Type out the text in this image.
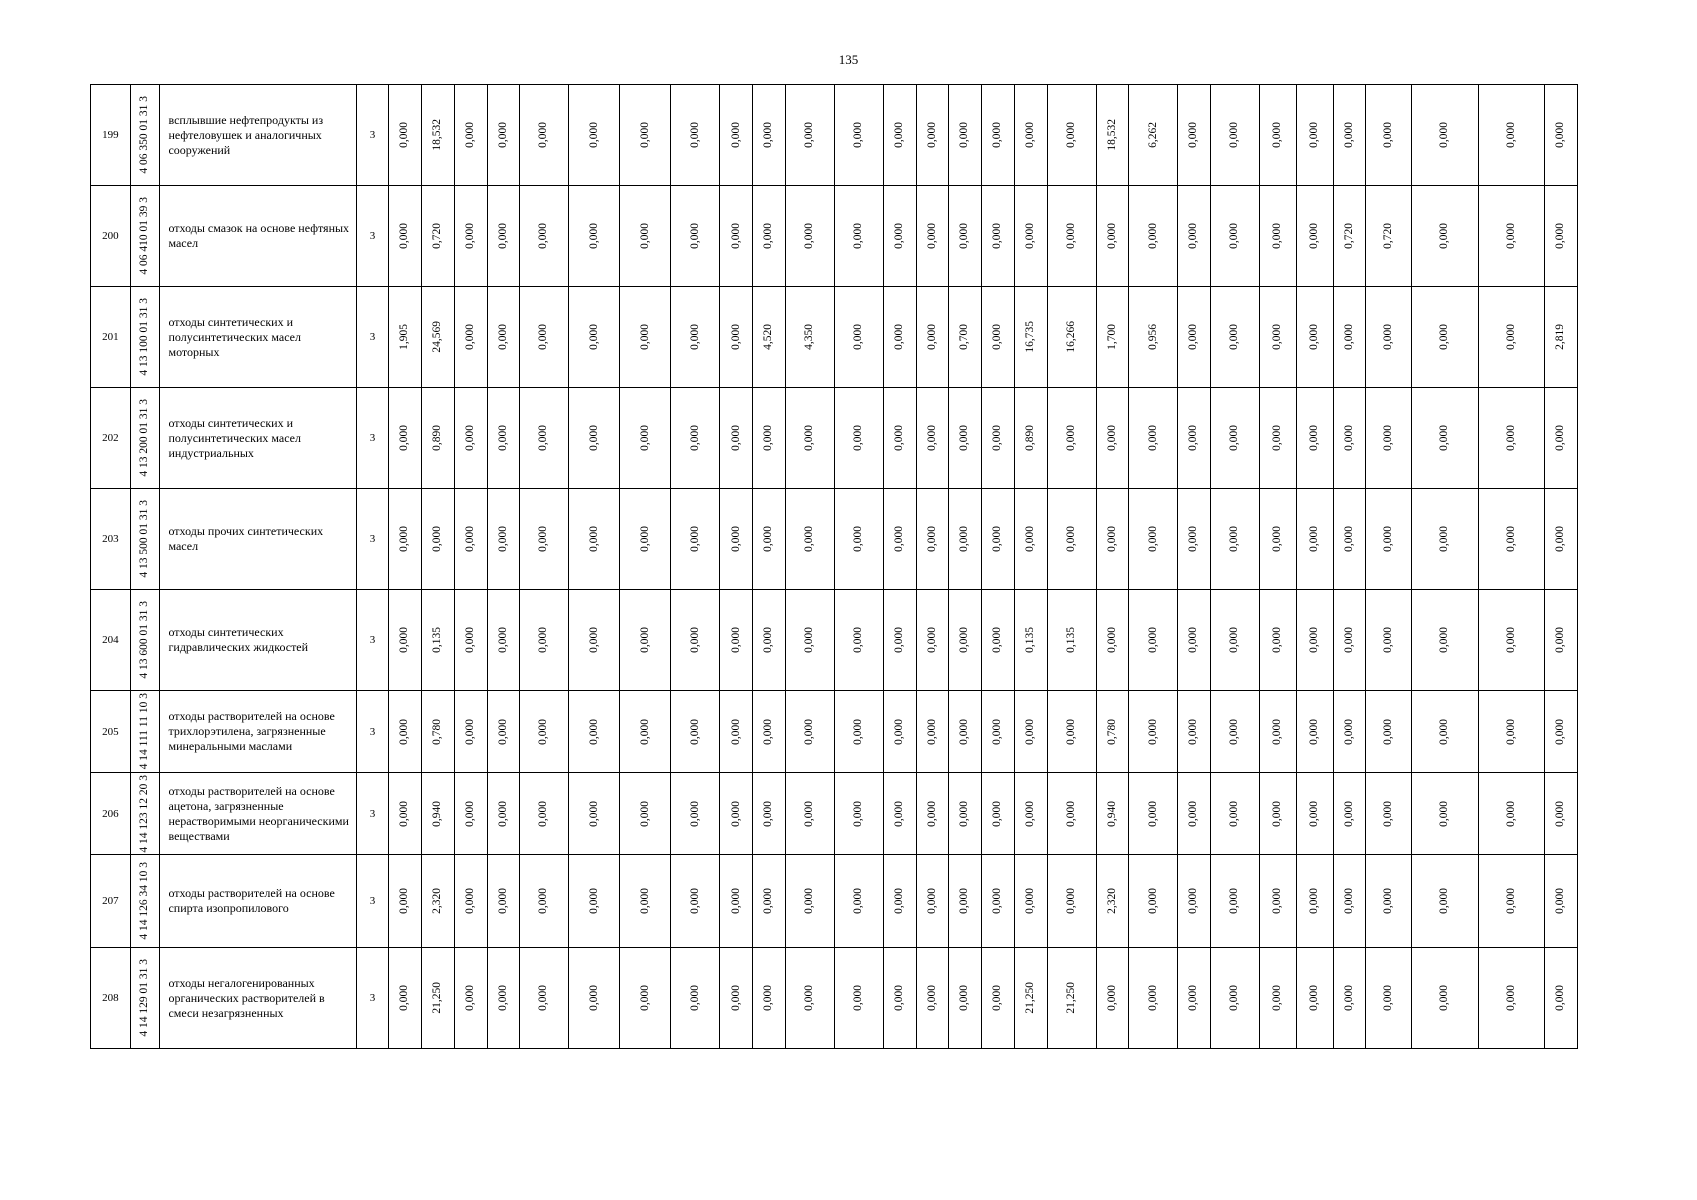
135
199	4 06 350 01 31 3	всплывшие нефтепродукты из нефтеловушек и аналогичных сооружений	3	0,000	18,532	0,000	0,000	0,000	0,000	0,000	0,000	0,000	0,000	0,000	0,000	0,000	0,000	0,000	0,000	0,000	0,000	18,532	6,262	0,000	0,000	0,000	0,000	0,000	0,000	0,000	0,000	0,000

200	4 06 410 01 39 3	отходы смазок на основе нефтяных масел	3	0,000	0,720	0,000	0,000	0,000	0,000	0,000	0,000	0,000	0,000	0,000	0,000	0,000	0,000	0,000	0,000	0,000	0,000	0,000	0,000	0,000	0,000	0,000	0,000	0,720	0,720	0,000	0,000	0,000

201	4 13 100 01 31 3	отходы синтетических и полусинтетических масел моторных	3	1,905	24,569	0,000	0,000	0,000	0,000	0,000	0,000	0,000	4,520	4,350	0,000	0,000	0,000	0,700	0,000	16,735	16,266	1,700	0,956	0,000	0,000	0,000	0,000	0,000	0,000	0,000	0,000	2,819

202	4 13 200 01 31 3	отходы синтетических и полусинтетических масел индустриальных	3	0,000	0,890	0,000	0,000	0,000	0,000	0,000	0,000	0,000	0,000	0,000	0,000	0,000	0,000	0,000	0,000	0,890	0,000	0,000	0,000	0,000	0,000	0,000	0,000	0,000	0,000	0,000	0,000	0,000

203	4 13 500 01 31 3	отходы прочих синтетических масел	3	0,000	0,000	0,000	0,000	0,000	0,000	0,000	0,000	0,000	0,000	0,000	0,000	0,000	0,000	0,000	0,000	0,000	0,000	0,000	0,000	0,000	0,000	0,000	0,000	0,000	0,000	0,000	0,000	0,000

204	4 13 600 01 31 3	отходы синтетических гидравлических жидкостей	3	0,000	0,135	0,000	0,000	0,000	0,000	0,000	0,000	0,000	0,000	0,000	0,000	0,000	0,000	0,000	0,000	0,135	0,135	0,000	0,000	0,000	0,000	0,000	0,000	0,000	0,000	0,000	0,000	0,000

205	4 14 111 11 10 3	отходы растворителей на основе трихлорэтилена, загрязненные минеральными маслами	3	0,000	0,780	0,000	0,000	0,000	0,000	0,000	0,000	0,000	0,000	0,000	0,000	0,000	0,000	0,000	0,000	0,000	0,000	0,780	0,000	0,000	0,000	0,000	0,000	0,000	0,000	0,000	0,000	0,000

206	4 14 123 12 20 3	отходы растворителей на основе ацетона, загрязненные нерастворимыми неорганическими веществами	3	0,000	0,940	0,000	0,000	0,000	0,000	0,000	0,000	0,000	0,000	0,000	0,000	0,000	0,000	0,000	0,000	0,000	0,000	0,940	0,000	0,000	0,000	0,000	0,000	0,000	0,000	0,000	0,000	0,000

207	4 14 126 34 10 3	отходы растворителей на основе спирта изопропилового	3	0,000	2,320	0,000	0,000	0,000	0,000	0,000	0,000	0,000	0,000	0,000	0,000	0,000	0,000	0,000	0,000	0,000	0,000	2,320	0,000	0,000	0,000	0,000	0,000	0,000	0,000	0,000	0,000	0,000

208	4 14 129 01 31 3	отходы негалогенированных органических растворителей в смеси незагрязненных	3	0,000	21,250	0,000	0,000	0,000	0,000	0,000	0,000	0,000	0,000	0,000	0,000	0,000	0,000	0,000	0,000	21,250	21,250	0,000	0,000	0,000	0,000	0,000	0,000	0,000	0,000	0,000	0,000	0,000
